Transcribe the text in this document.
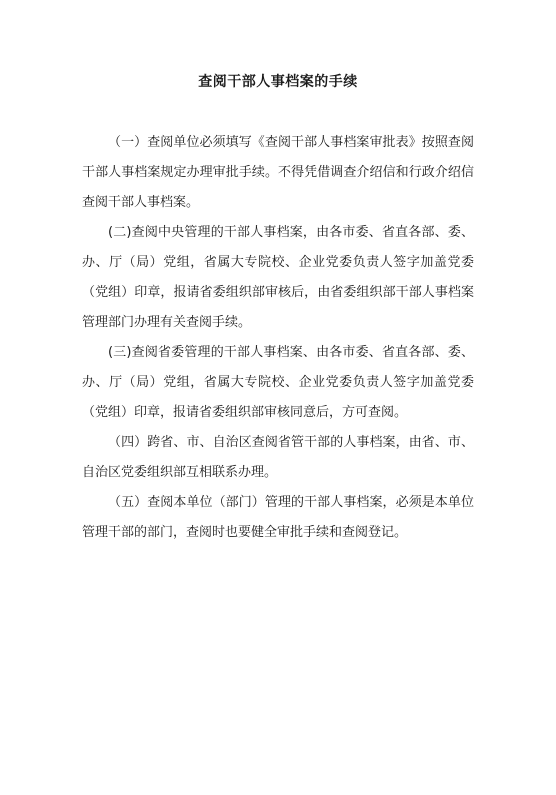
查阅干部人事档案的手续

（一）查阅单位必须填写《查阅干部人事档案审批表》按照查阅干部人事档案规定办理审批手续。不得凭借调查介绍信和行政介绍信查阅干部人事档案。

(二)查阅中央管理的干部人事档案，由各市委、省直各部、委、办、厅（局）党组，省属大专院校、企业党委负责人签字加盖党委（党组）印章，报请省委组织部审核后，由省委组织部干部人事档案管理部门办理有关查阅手续。

(三)查阅省委管理的干部人事档案、由各市委、省直各部、委、办、厅（局）党组，省属大专院校、企业党委负责人签字加盖党委（党组）印章，报请省委组织部审核同意后，方可查阅。

（四）跨省、市、自治区查阅省管干部的人事档案，由省、市、自治区党委组织部互相联系办理。

（五）查阅本单位（部门）管理的干部人事档案，必须是本单位管理干部的部门，查阅时也要健全审批手续和查阅登记。
